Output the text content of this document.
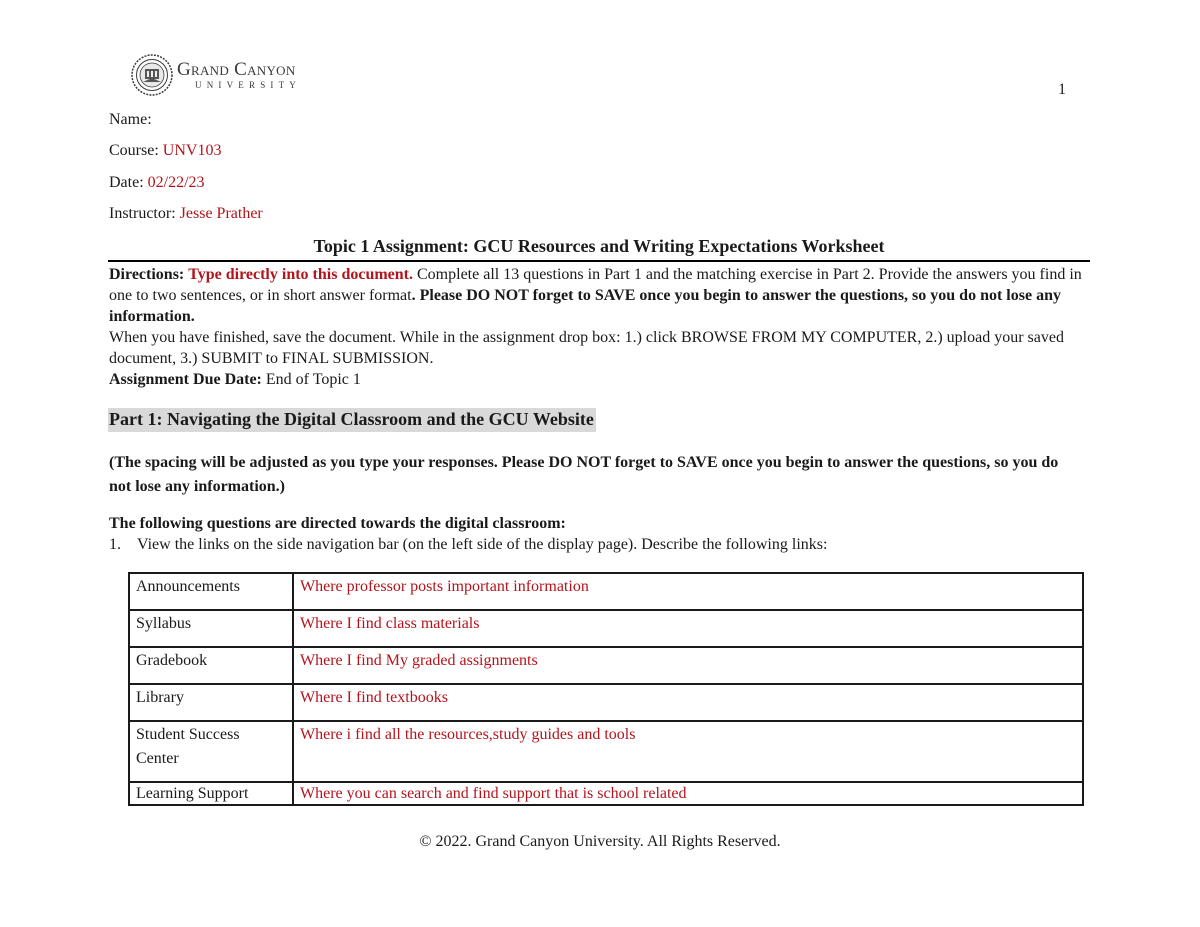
Grand Canyon
UNIVERSITY	1
Name:
Course: UNV103
Date: 02/22/23
Instructor: Jesse Prather
Topic 1 Assignment: GCU Resources and Writing Expectations Worksheet

Directions: Type directly into this document. Complete all 13 questions in Part 1 and the matching exercise in Part 2. Provide the answers you find in one to two sentences, or in short answer format. Please DO NOT forget to SAVE once you begin to answer the questions, so you do not lose any information.

When you have finished, save the document. While in the assignment drop box: 1.) click BROWSE FROM MY COMPUTER, 2.) upload your saved document, 3.) SUBMIT to FINAL SUBMISSION.

Assignment Due Date: End of Topic 1

Part 1: Navigating the Digital Classroom and the GCU Website
(The spacing will be adjusted as you type your responses. Please DO NOT forget to SAVE once you begin to answer the questions, so you do not lose any information.)
The following questions are directed towards the digital classroom:
1. View the links on the side navigation bar (on the left side of the display page). Describe the following links:
Announcements	Where professor posts important information
Syllabus	Where I find class materials
Gradebook	Where I find My graded assignments
Library	Where I find textbooks
Student Success Center	Where i find all the resources,study guides and tools
Learning Support	Where you can search and find support that is school related
© 2022. Grand Canyon University. All Rights Reserved.
